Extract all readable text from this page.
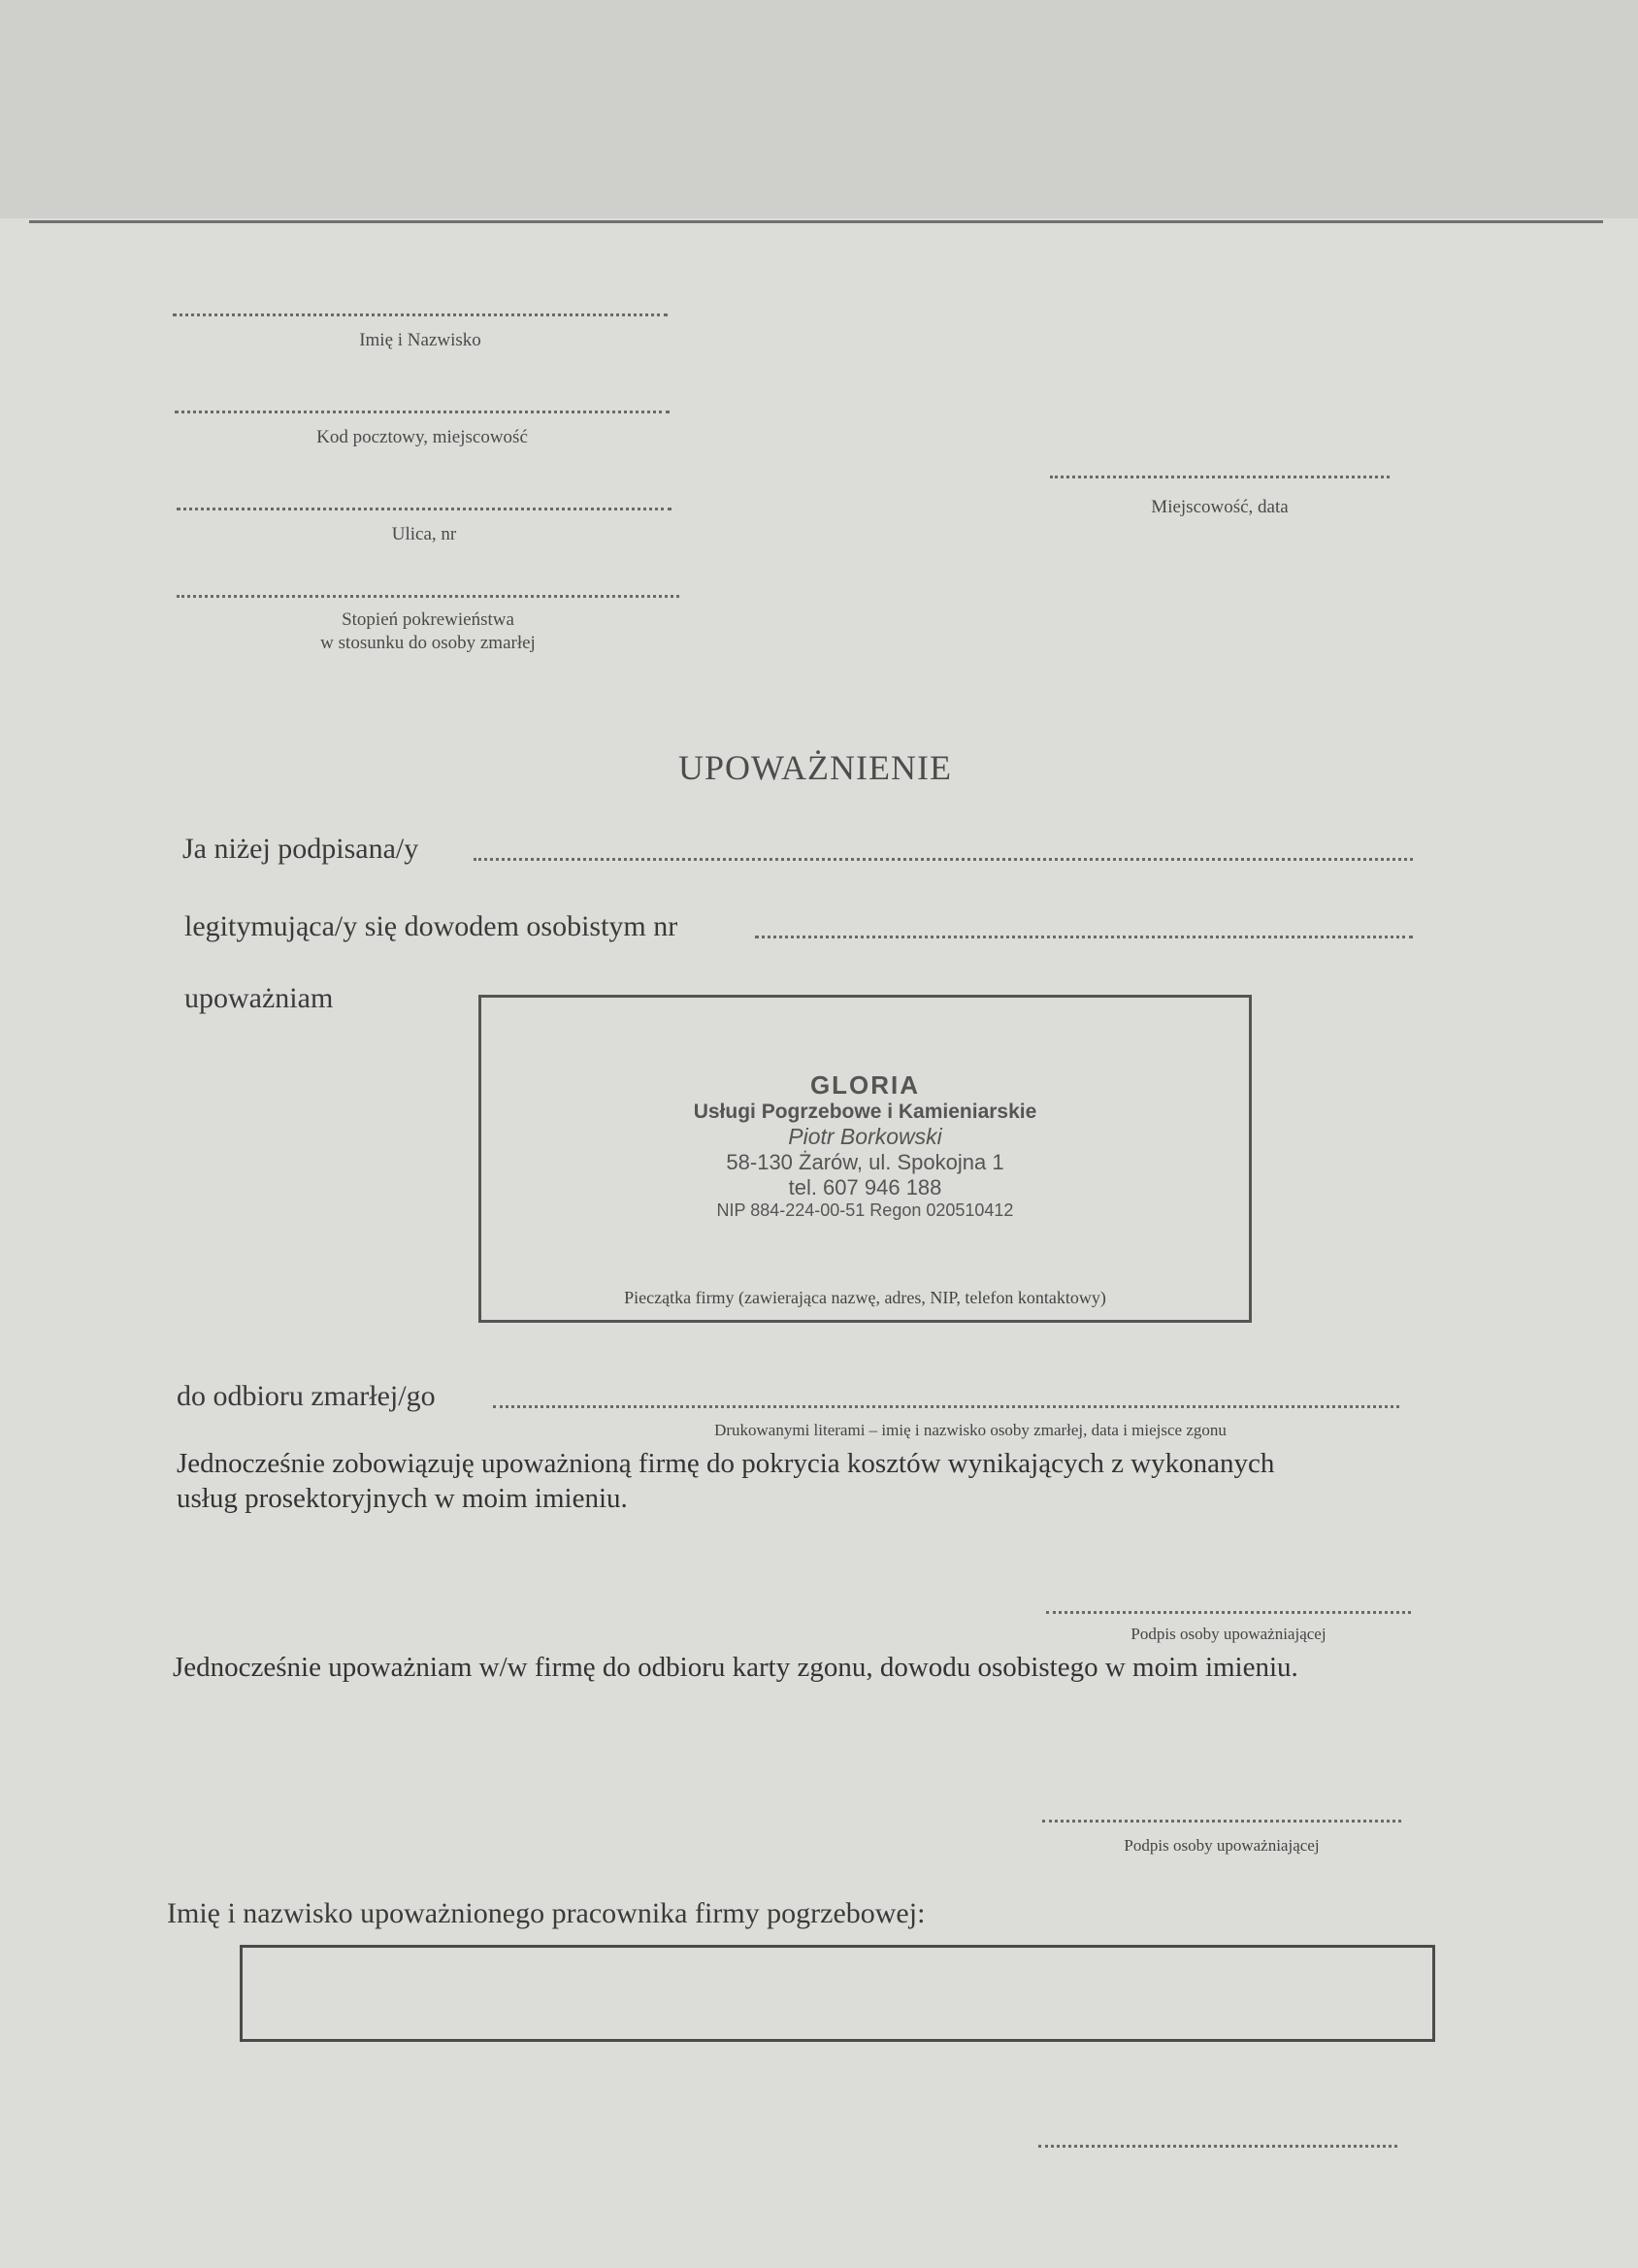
Imię i Nazwisko
Kod pocztowy, miejscowość
Ulica, nr
Stopień pokrewieństwa
w stosunku do osoby zmarłej
Miejscowość, data
UPOWAŻNIENIE
Ja niżej podpisana/y
legitymująca/y się dowodem osobistym nr
upoważniam
GLORIA
Usługi Pogrzebowe i Kamieniarskie
Piotr Borkowski
58-130 Żarów, ul. Spokojna 1
tel. 607 946 188
NIP 884-224-00-51 Regon 020510412
Pieczątka firmy (zawierająca nazwę, adres, NIP, telefon kontaktowy)
do odbioru zmarłej/go
Drukowanymi literami – imię i nazwisko osoby zmarłej, data i miejsce zgonu
Jednocześnie zobowiązuję upoważnioną firmę do pokrycia kosztów wynikających z wykonanych usług prosektoryjnych w moim imieniu.
Podpis osoby upoważniającej
Jednocześnie upoważniam w/w firmę do odbioru karty zgonu, dowodu osobistego w moim imieniu.
Podpis osoby upoważniającej
Imię i nazwisko upoważnionego pracownika firmy pogrzebowej:
